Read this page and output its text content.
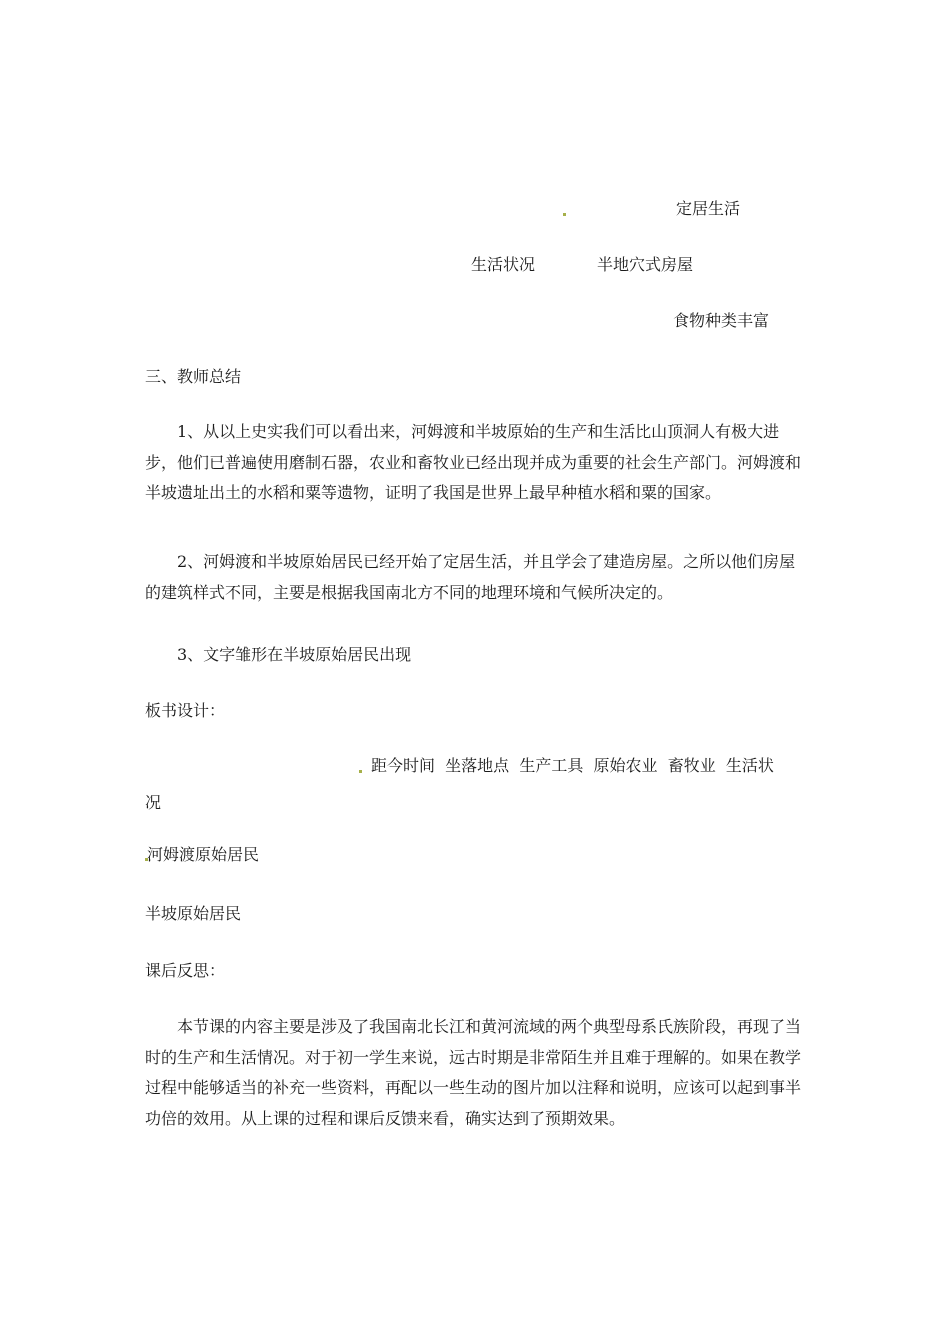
定居生活
生活状况	半地穴式房屋
食物种类丰富
三、教师总结
1、从以上史实我们可以看出来，河姆渡和半坡原始的生产和生活比山顶洞人有极大进步，他们已普遍使用磨制石器，农业和畜牧业已经出现并成为重要的社会生产部门。河姆渡和半坡遗址出土的水稻和粟等遗物，证明了我国是世界上最早种植水稻和粟的国家。
2、河姆渡和半坡原始居民已经开始了定居生活，并且学会了建造房屋。之所以他们房屋的建筑样式不同，主要是根据我国南北方不同的地理环境和气候所决定的。
3、文字雏形在半坡原始居民出现
板书设计：
距今时间  坐落地点  生产工具  原始农业  畜牧业  生活状
况
河姆渡原始居民
半坡原始居民
课后反思：
本节课的内容主要是涉及了我国南北长江和黄河流域的两个典型母系氏族阶段，再现了当时的生产和生活情况。对于初一学生来说，远古时期是非常陌生并且难于理解的。如果在教学过程中能够适当的补充一些资料，再配以一些生动的图片加以注释和说明，应该可以起到事半功倍的效用。从上课的过程和课后反馈来看，确实达到了预期效果。
